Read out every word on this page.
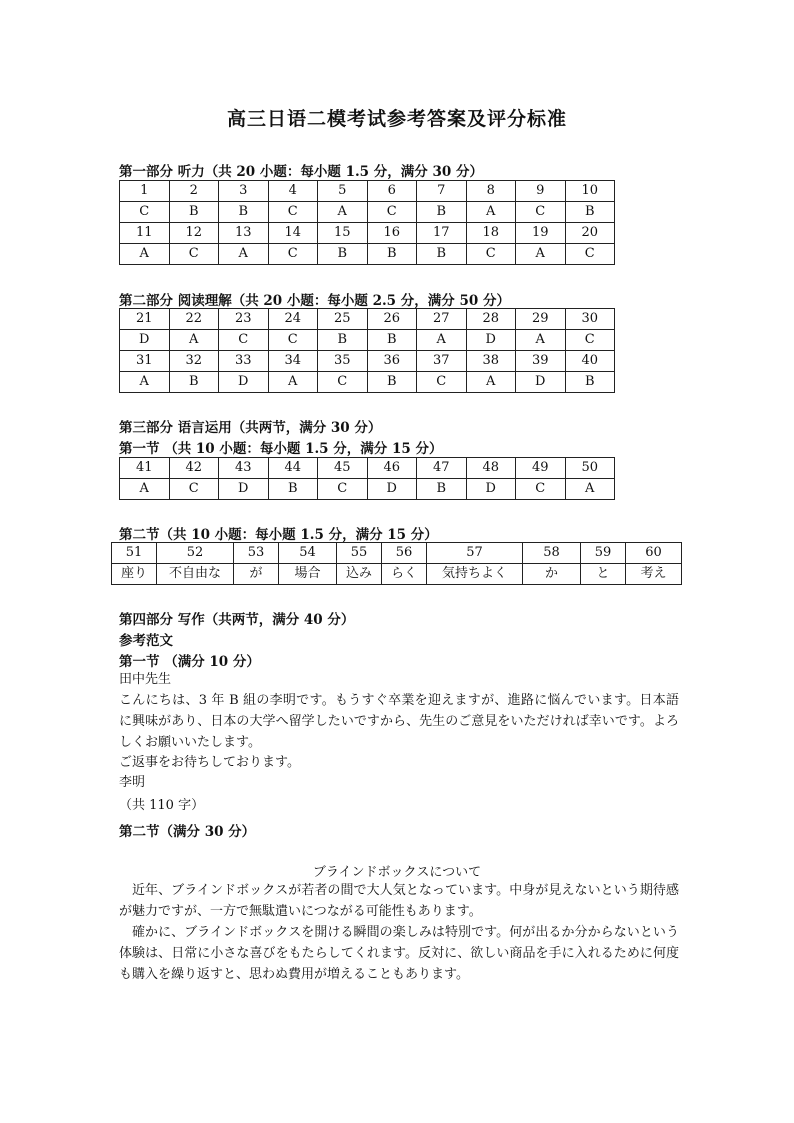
高三日语二模考试参考答案及评分标准
第一部分 听力（共 20 小题：每小题 1.5 分，满分 30 分）
1	2	3	4	5	6	7	8	9	10
C	B	B	C	A	C	B	A	C	B
11	12	13	14	15	16	17	18	19	20
A	C	A	C	B	B	B	C	A	C
第二部分 阅读理解（共 20 小题：每小题 2.5 分，满分 50 分）
21	22	23	24	25	26	27	28	29	30
D	A	C	C	B	B	A	D	A	C
31	32	33	34	35	36	37	38	39	40
A	B	D	A	C	B	C	A	D	B
第三部分 语言运用（共两节，满分 30 分）
第一节 （共 10 小题：每小题 1.5 分，满分 15 分）
41	42	43	44	45	46	47	48	49	50
A	C	D	B	C	D	B	D	C	A
第二节（共 10 小题：每小题 1.5 分，满分 15 分）
51	52	53	54	55	56	57	58	59	60
座り	不自由な	が	場合	込み	らく	気持ちよく	か	と	考え
第四部分 写作（共两节，满分 40 分）
参考范文
第一节 （满分 10 分）
田中先生
こんにちは、3 年 B 組の李明です。もうすぐ卒業を迎えますが、進路に悩んでいます。日本語に興味があり、日本の大学へ留学したいですから、先生のご意見をいただければ幸いです。よろしくお願いいたします。
ご返事をお待ちしております。
李明
（共 110 字）
第二节（满分 30 分）
ブラインドボックスについて
近年、ブラインドボックスが若者の間で大人気となっています。中身が見えないという期待感が魅力ですが、一方で無駄遣いにつながる可能性もあります。
確かに、ブラインドボックスを開ける瞬間の楽しみは特別です。何が出るか分からないという体験は、日常に小さな喜びをもたらしてくれます。反対に、欲しい商品を手に入れるために何度も購入を繰り返すと、思わぬ費用が増えることもあります。
